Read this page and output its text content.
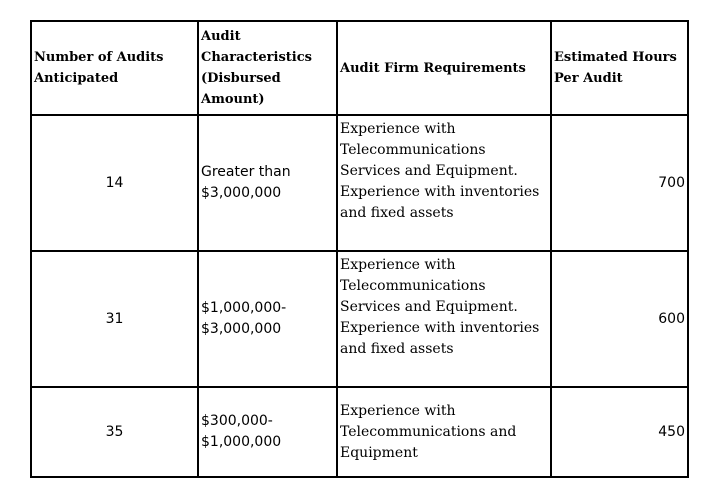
Number of Audits Anticipated	Audit Characteristics (Disbursed Amount)	Audit Firm Requirements	Estimated Hours Per Audit
14	Greater than $3,000,000	Experience with Telecommunications Services and Equipment. Experience with inventories and fixed assets	700
31	$1,000,000- $3,000,000	Experience with Telecommunications Services and Equipment. Experience with inventories and fixed assets	600
35	$300,000- $1,000,000	Experience with Telecommunications and Equipment	450
